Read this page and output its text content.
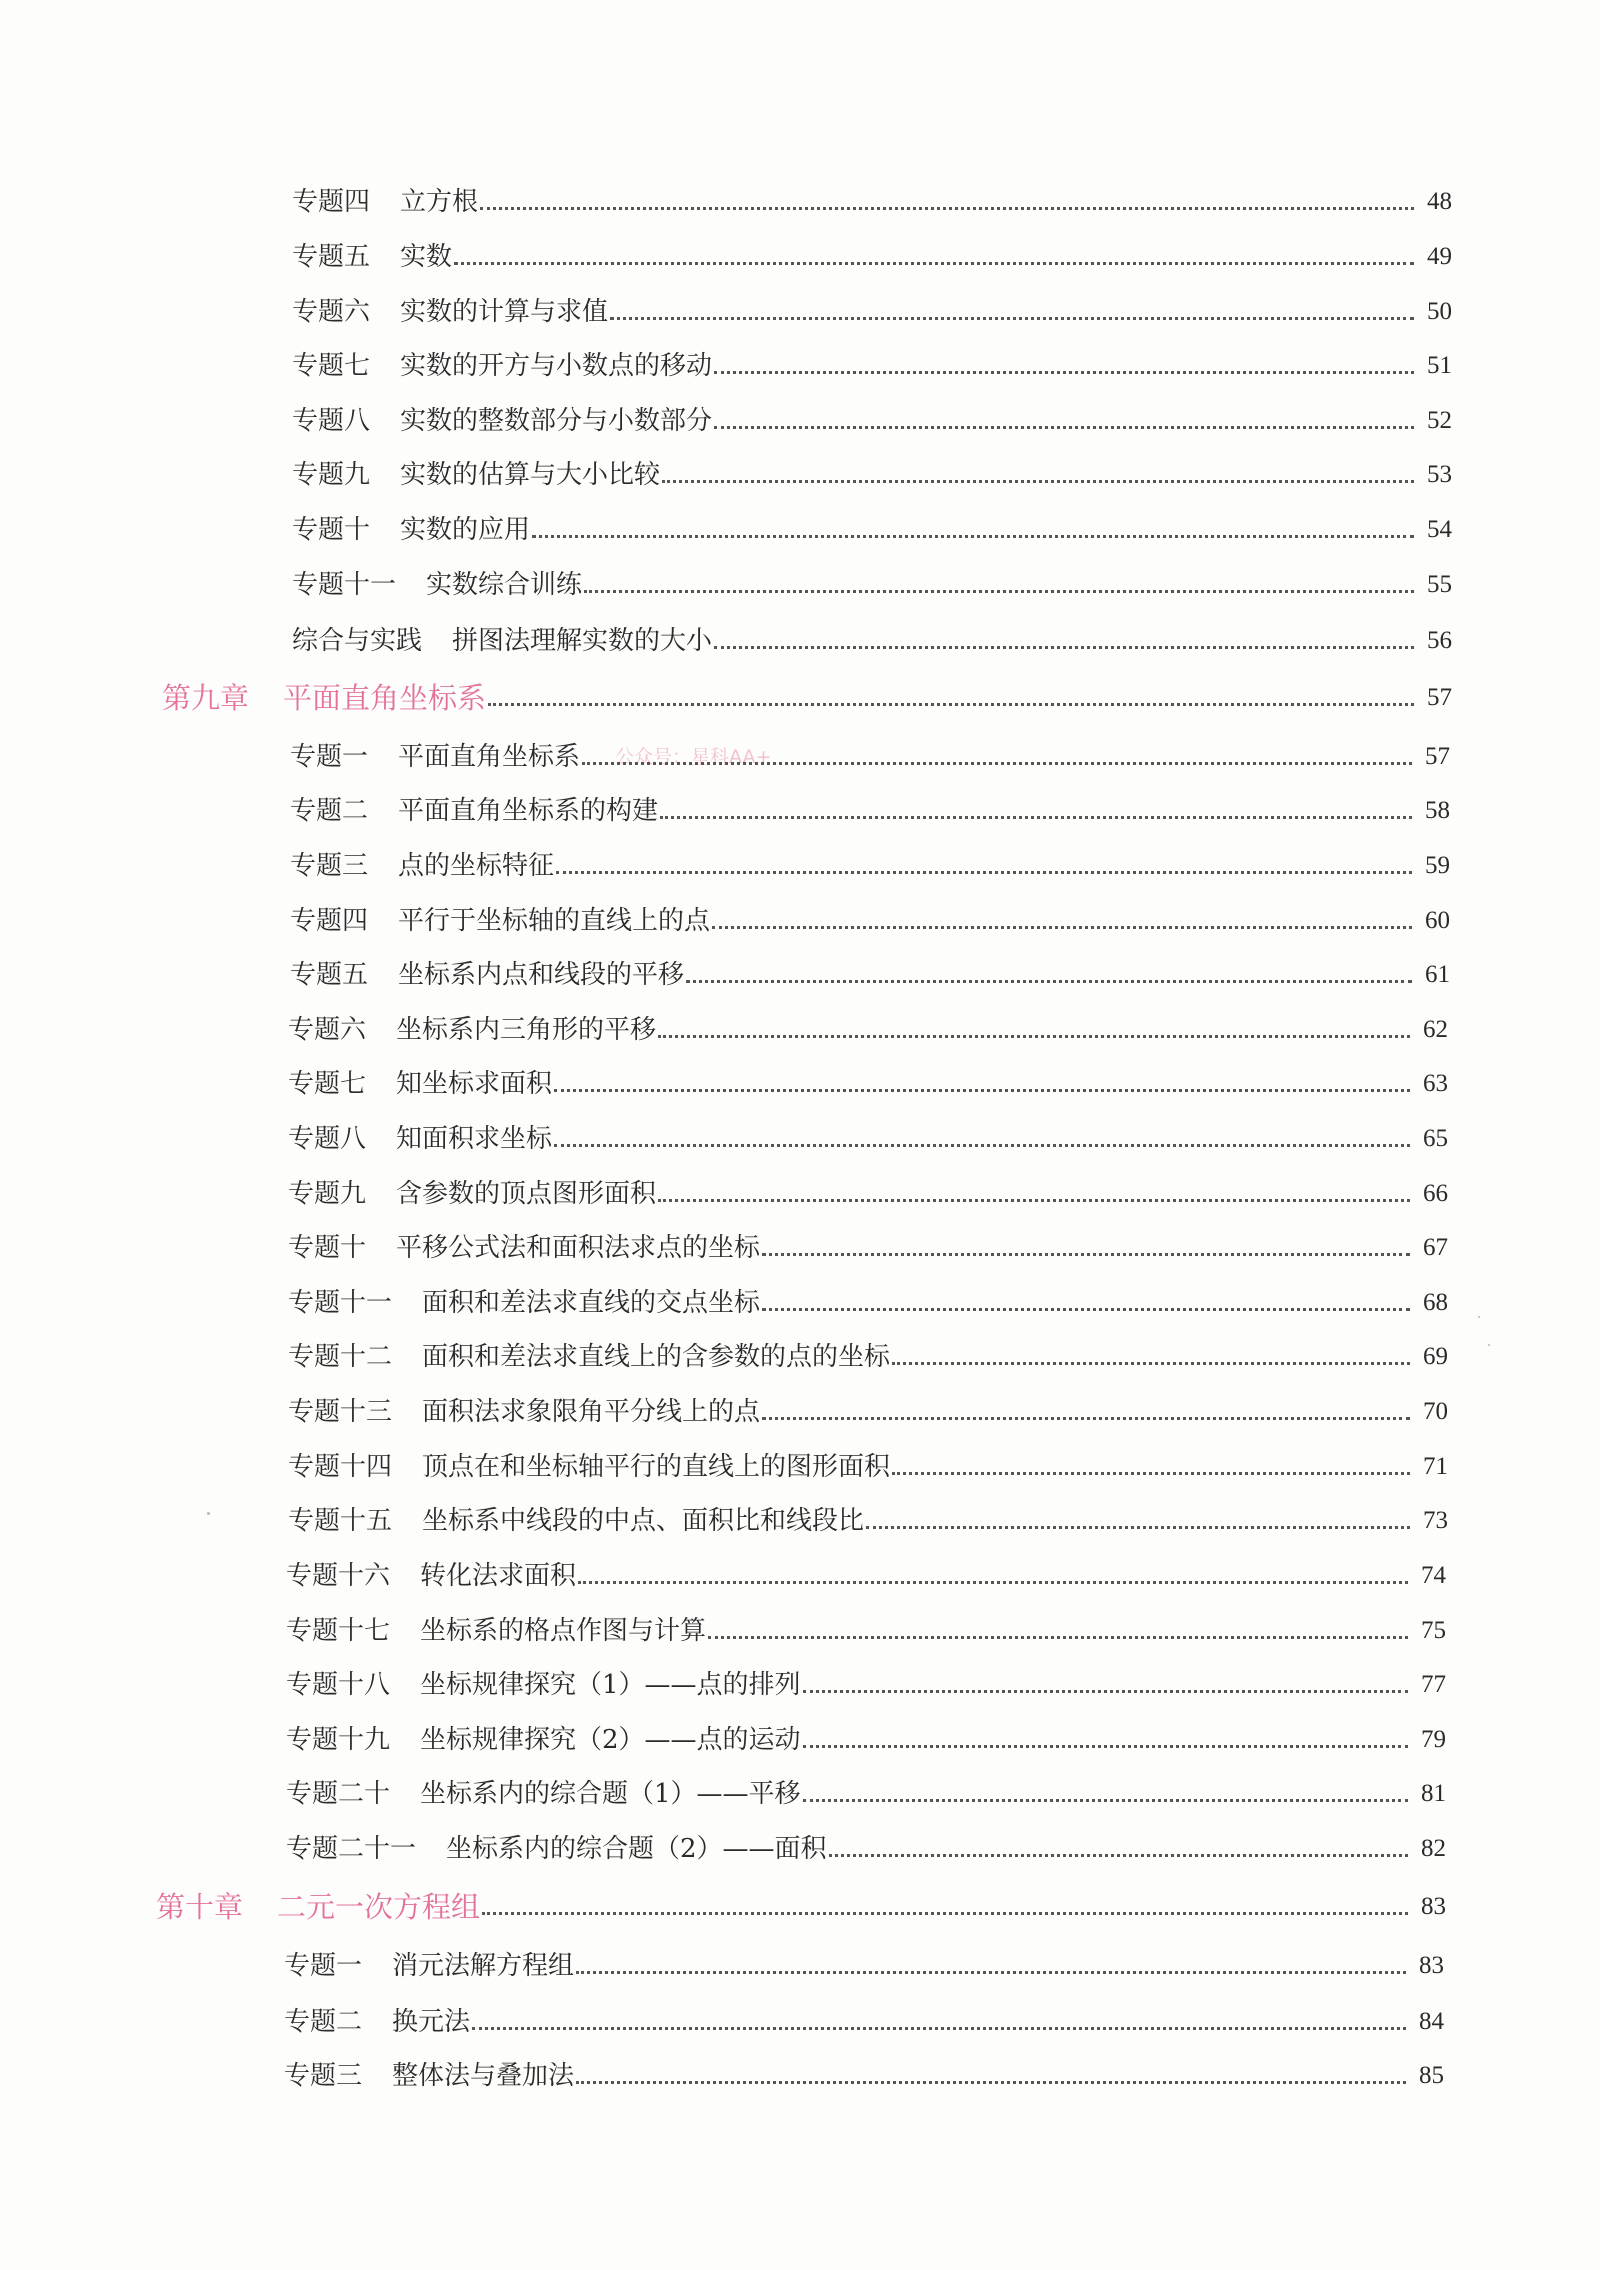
公众号：星科AA+
专题四	立方根	48
专题五	实数	49
专题六	实数的计算与求值	50
专题七	实数的开方与小数点的移动	51
专题八	实数的整数部分与小数部分	52
专题九	实数的估算与大小比较	53
专题十	实数的应用	54
专题十一	实数综合训练	55
综合与实践	拼图法理解实数的大小	56
第九章	平面直角坐标系	57
专题一	平面直角坐标系	57
专题二	平面直角坐标系的构建	58
专题三	点的坐标特征	59
专题四	平行于坐标轴的直线上的点	60
专题五	坐标系内点和线段的平移	61
专题六	坐标系内三角形的平移	62
专题七	知坐标求面积	63
专题八	知面积求坐标	65
专题九	含参数的顶点图形面积	66
专题十	平移公式法和面积法求点的坐标	67
专题十一	面积和差法求直线的交点坐标	68
专题十二	面积和差法求直线上的含参数的点的坐标	69
专题十三	面积法求象限角平分线上的点	70
专题十四	顶点在和坐标轴平行的直线上的图形面积	71
专题十五	坐标系中线段的中点、面积比和线段比	73
专题十六	转化法求面积	74
专题十七	坐标系的格点作图与计算	75
专题十八	坐标规律探究（1）——点的排列	77
专题十九	坐标规律探究（2）——点的运动	79
专题二十	坐标系内的综合题（1）——平移	81
专题二十一	坐标系内的综合题（2）——面积	82
第十章	二元一次方程组	83
专题一	消元法解方程组	83
专题二	换元法	84
专题三	整体法与叠加法	85
